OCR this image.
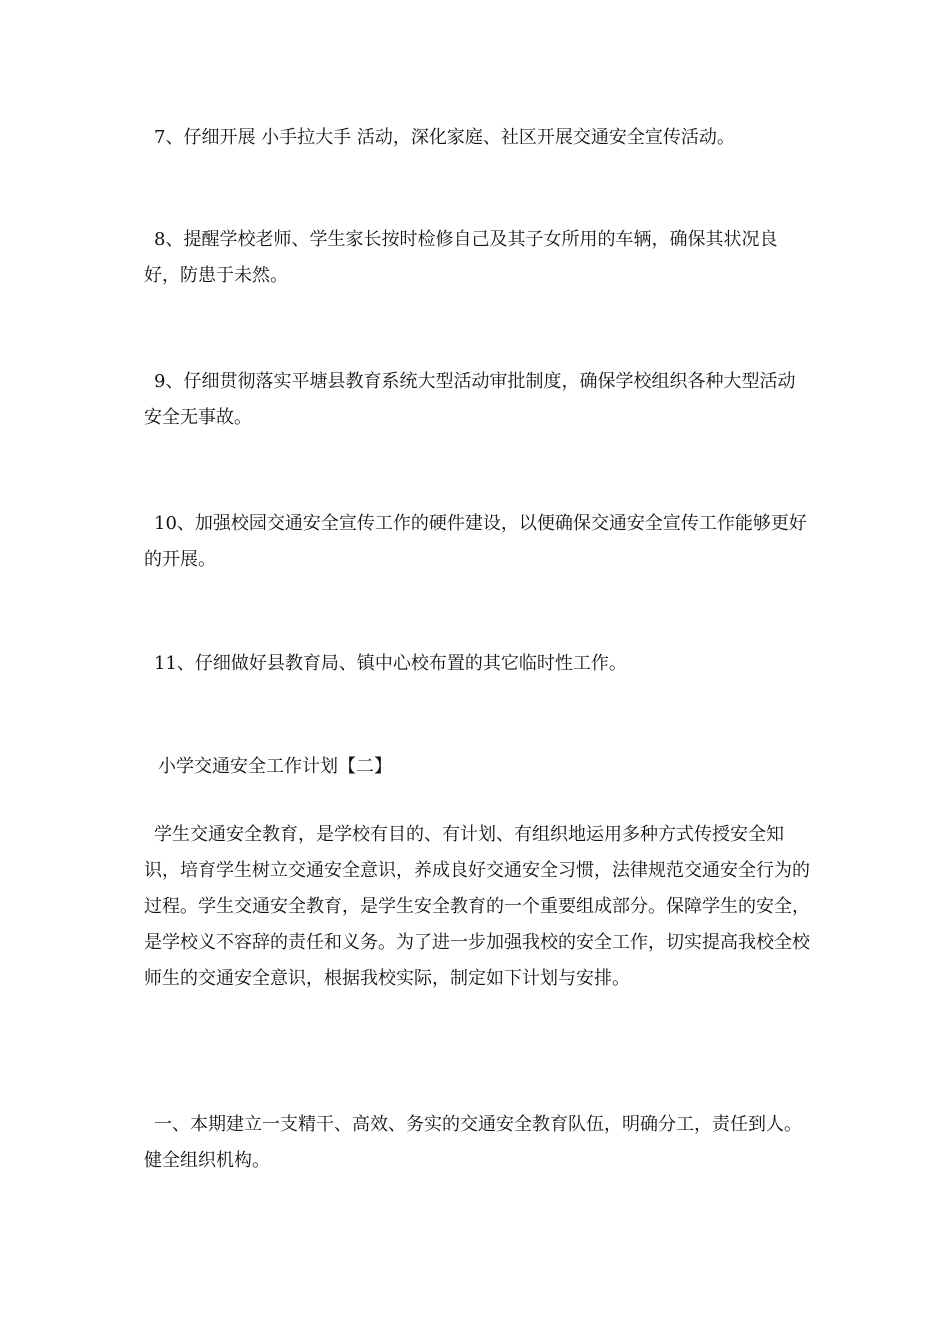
7、仔细开展 小手拉大手 活动，深化家庭、社区开展交通安全宣传活动。

8、提醒学校老师、学生家长按时检修自己及其子女所用的车辆，确保其状况良好，防患于未然。

9、仔细贯彻落实平塘县教育系统大型活动审批制度，确保学校组织各种大型活动安全无事故。

10、加强校园交通安全宣传工作的硬件建设，以便确保交通安全宣传工作能够更好的开展。

11、仔细做好县教育局、镇中心校布置的其它临时性工作。

小学交通安全工作计划【二】

学生交通安全教育，是学校有目的、有计划、有组织地运用多种方式传授安全知识，培育学生树立交通安全意识，养成良好交通安全习惯，法律规范交通安全行为的过程。学生交通安全教育，是学生安全教育的一个重要组成部分。保障学生的安全，是学校义不容辞的责任和义务。为了进一步加强我校的安全工作，切实提高我校全校师生的交通安全意识，根据我校实际，制定如下计划与安排。

一、本期建立一支精干、高效、务实的交通安全教育队伍，明确分工，责任到人。健全组织机构。
